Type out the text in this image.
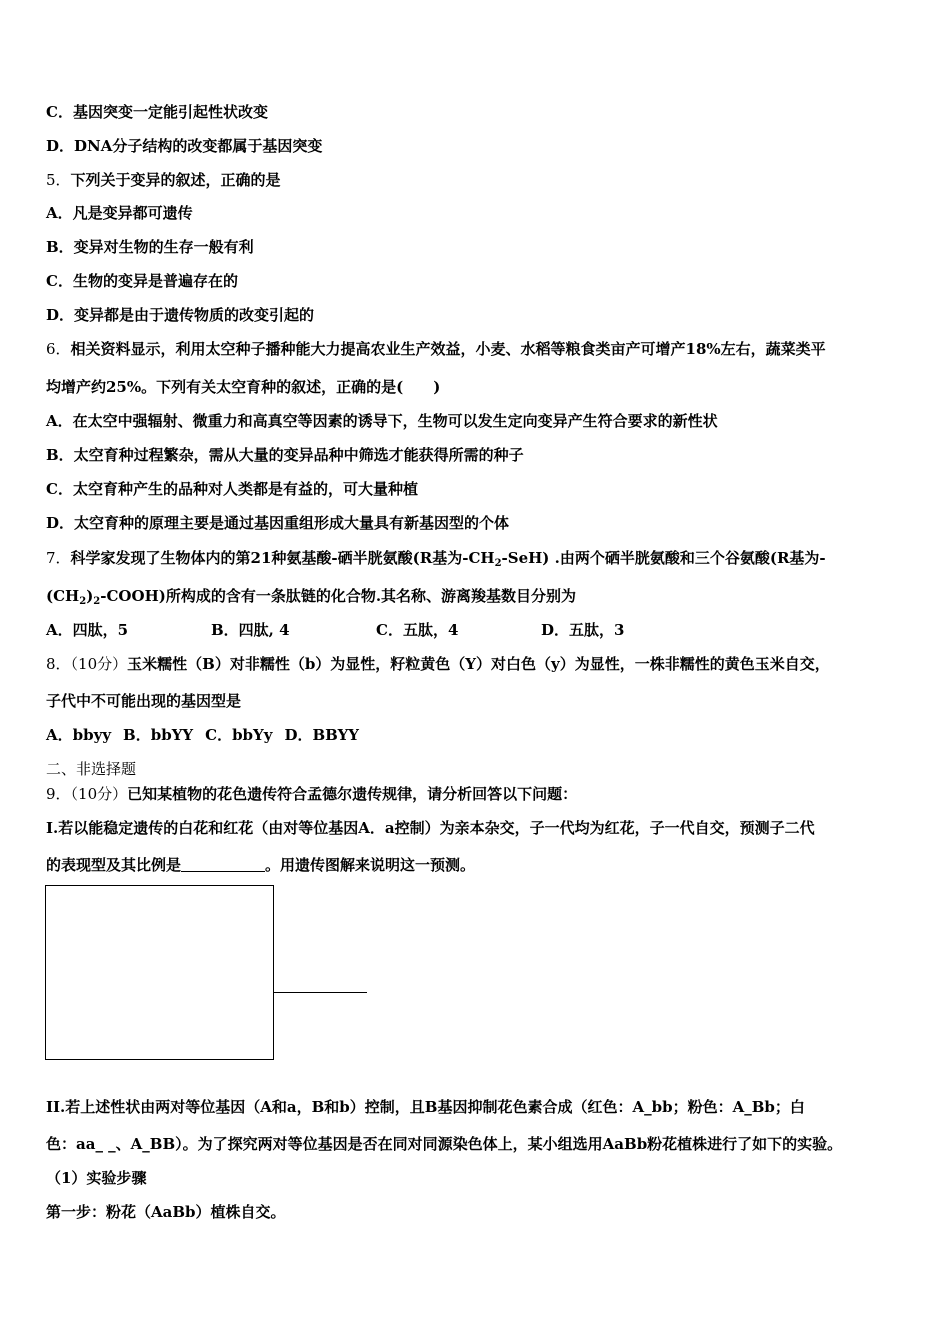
C．基因突变一定能引起性状改变
D．DNA分子结构的改变都属于基因突变
5．下列关于变异的叙述，正确的是
A．凡是变异都可遗传
B．变异对生物的生存一般有利
C．生物的变异是普遍存在的
D．变异都是由于遗传物质的改变引起的
6．相关资料显示，利用太空种子播种能大力提高农业生产效益，小麦、水稻等粮食类亩产可增产18%左右，蔬菜类平
均增产约25%。下列有关太空育种的叙述，正确的是(　　)
A．在太空中强辐射、微重力和高真空等因素的诱导下，生物可以发生定向变异产生符合要求的新性状
B．太空育种过程繁杂，需从大量的变异品种中筛选才能获得所需的种子
C．太空育种产生的品种对人类都是有益的，可大量种植
D．太空育种的原理主要是通过基因重组形成大量具有新基因型的个体
7．科学家发现了生物体内的第21种氨基酸-硒半胱氨酸(R基为$-CH_2-SeH$) .由两个硒半胱氨酸和三个谷氨酸(R基为-
$(CH_2)_2-COOH$)所构成的含有一条肽链的化合物.其名称、游离羧基数目分别为
A．四肽，5	B．四肽, 4	C．五肽，4	D．五肽，3
8．（10分）玉米糯性（B）对非糯性（b）为显性，籽粒黄色（Y）对白色（y）为显性，一株非糯性的黄色玉米自交，
子代中不可能出现的基因型是
A．bbyy B．bbYY C．bbYy D．BBYY
二、非选择题
9．（10分）已知某植物的花色遗传符合孟德尔遗传规律，请分析回答以下问题：
I.若以能稳定遗传的白花和红花（由对等位基因A．a控制）为亲本杂交，子一代均为红花，子一代自交，预测子二代
的表现型及其比例是	。用遗传图解来说明这一预测。
II.若上述性状由两对等位基因（A和a，B和b）控制，且B基因抑制花色素合成（红色：A_bb；粉色：A_Bb；白
色：aa_ _、A_BB）。为了探究两对等位基因是否在同对同源染色体上，某小组选用AaBb粉花植株进行了如下的实验。
（1）实验步骤
第一步：粉花（AaBb）植株自交。
